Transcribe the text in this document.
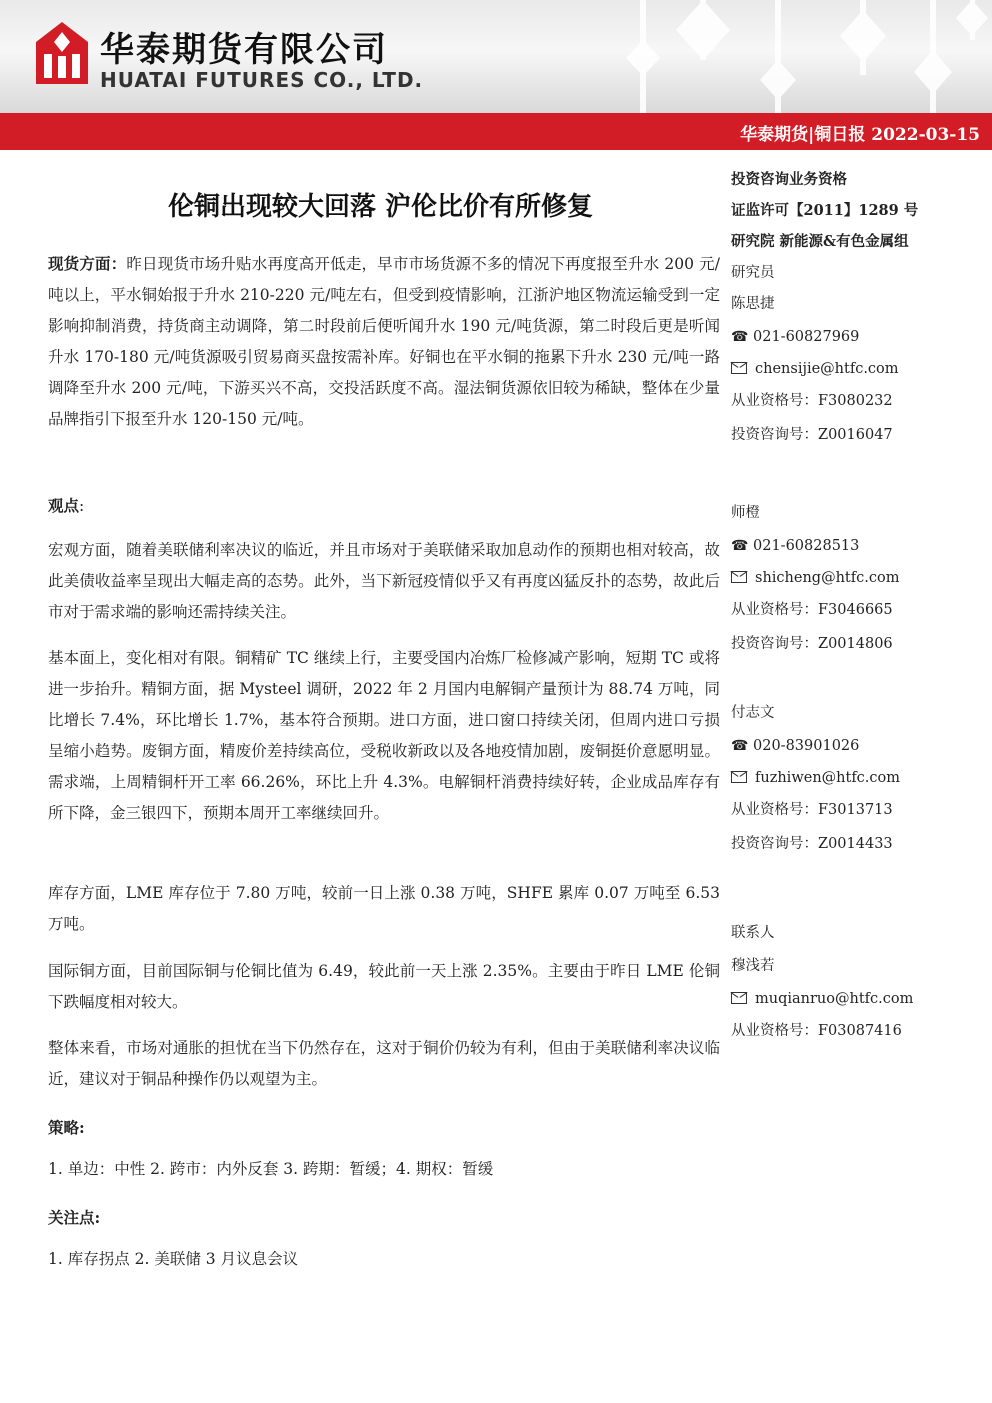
华泰期货有限公司
HUATAI FUTURES CO., LTD.
华泰期货|铜日报 2022-03-15
伦铜出现较大回落 沪伦比价有所修复

现货方面：昨日现货市场升贴水再度高开低走，早市市场货源不多的情况下再度报至升水 200 元/吨以上，平水铜始报于升水 210-220 元/吨左右，但受到疫情影响，江浙沪地区物流运输受到一定影响抑制消费，持货商主动调降，第二时段前后便听闻升水 190 元/吨货源，第二时段后更是听闻升水 170-180 元/吨货源吸引贸易商买盘按需补库。好铜也在平水铜的拖累下升水 230 元/吨一路调降至升水 200 元/吨，下游买兴不高，交投活跃度不高。湿法铜货源依旧较为稀缺，整体在少量品牌指引下报至升水 120-150 元/吨。

观点:

宏观方面，随着美联储利率决议的临近，并且市场对于美联储采取加息动作的预期也相对较高，故此美债收益率呈现出大幅走高的态势。此外，当下新冠疫情似乎又有再度凶猛反扑的态势，故此后市对于需求端的影响还需持续关注。

基本面上，变化相对有限。铜精矿 TC 继续上行，主要受国内冶炼厂检修减产影响，短期 TC 或将进一步抬升。精铜方面，据 Mysteel 调研，2022 年 2 月国内电解铜产量预计为 88.74 万吨，同比增长 7.4%，环比增长 1.7%，基本符合预期。进口方面，进口窗口持续关闭，但周内进口亏损呈缩小趋势。废铜方面，精废价差持续高位，受税收新政以及各地疫情加剧，废铜挺价意愿明显。需求端，上周精铜杆开工率 66.26%，环比上升 4.3%。电解铜杆消费持续好转，企业成品库存有所下降，金三银四下，预期本周开工率继续回升。

库存方面，LME 库存位于 7.80 万吨，较前一日上涨 0.38 万吨，SHFE 累库 0.07 万吨至 6.53 万吨。

国际铜方面，目前国际铜与伦铜比值为 6.49，较此前一天上涨 2.35%。主要由于昨日 LME 伦铜下跌幅度相对较大。

整体来看，市场对通胀的担忧在当下仍然存在，这对于铜价仍较为有利，但由于美联储利率决议临近，建议对于铜品种操作仍以观望为主。

策略:

1. 单边：中性 2. 跨市：内外反套 3. 跨期：暂缓；4. 期权：暂缓

关注点:

1. 库存拐点 2. 美联储 3 月议息会议

投资咨询业务资格
证监许可【2011】1289 号
研究院 新能源&有色金属组
研究员
陈思捷
☎ 021-60827969
chensijie@htfc.com
从业资格号：F3080232
投资咨询号：Z0016047
师橙
☎ 021-60828513
shicheng@htfc.com
从业资格号：F3046665
投资咨询号：Z0014806
付志文
☎ 020-83901026
fuzhiwen@htfc.com
从业资格号：F3013713
投资咨询号：Z0014433
联系人
穆浅若
muqianruo@htfc.com
从业资格号：F03087416
